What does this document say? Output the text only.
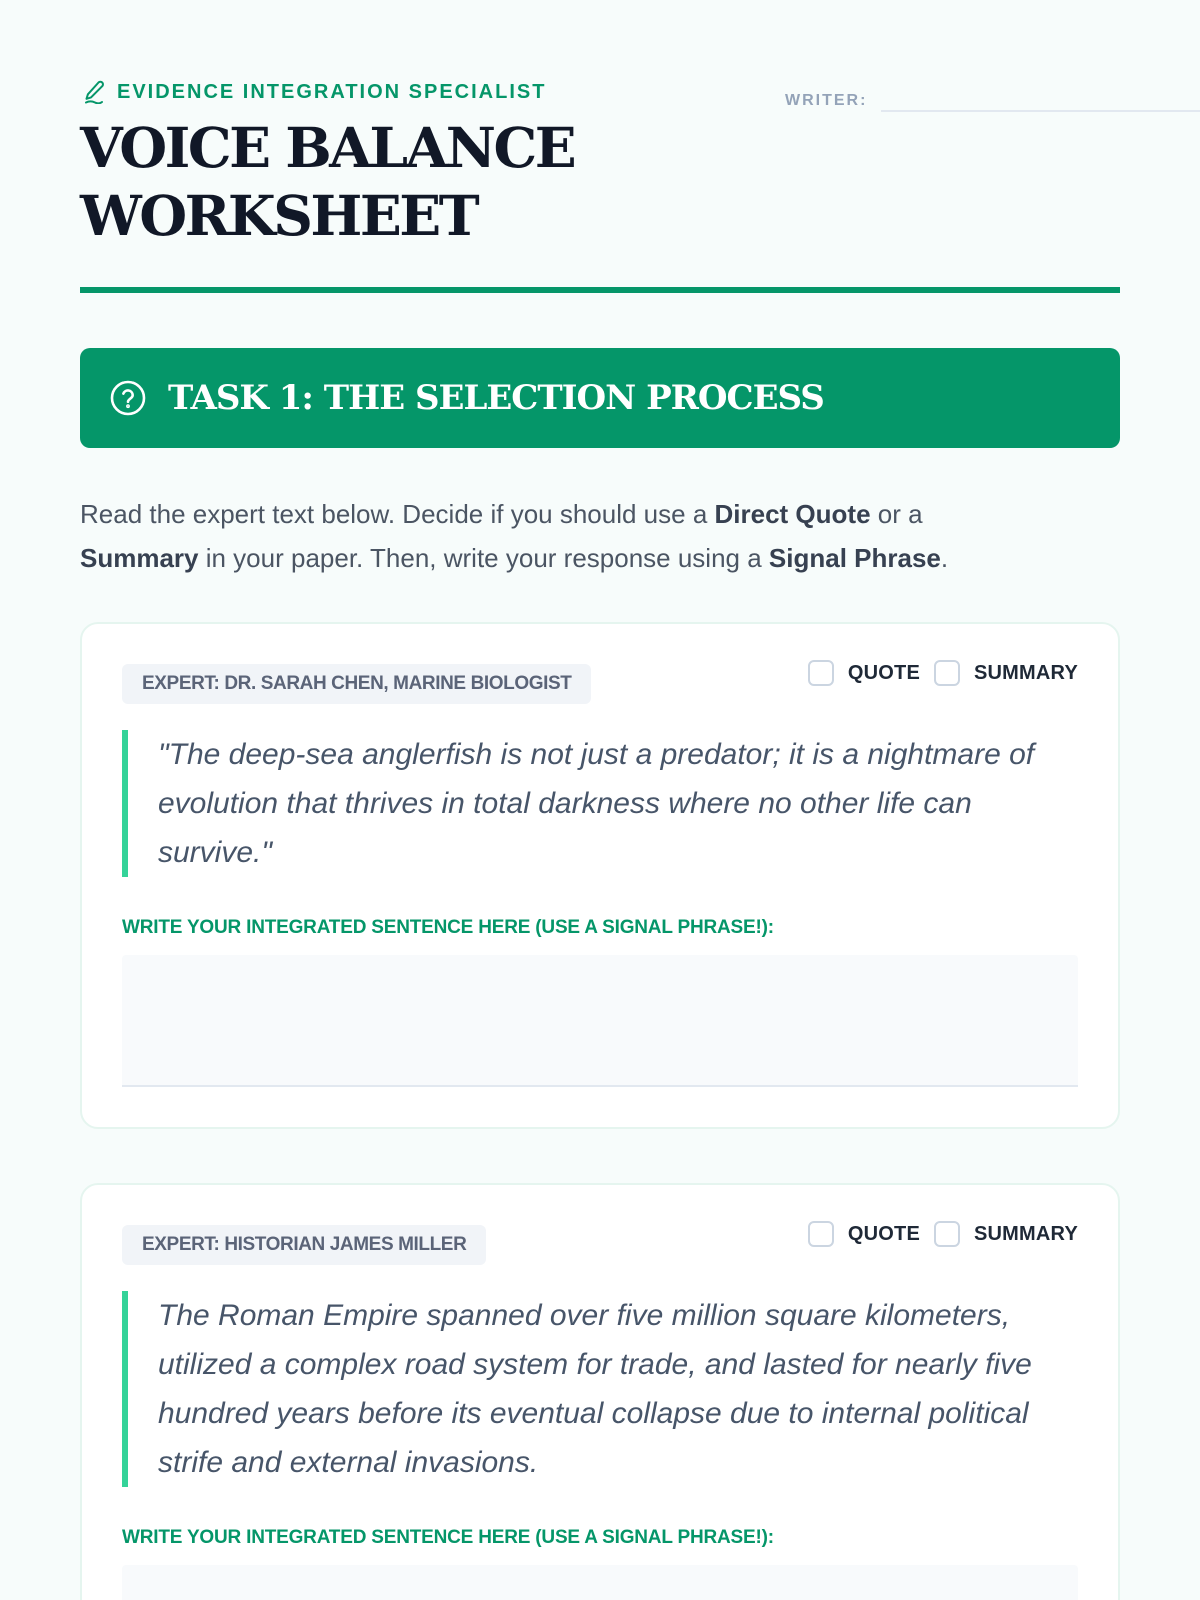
EVIDENCE INTEGRATION SPECIALIST
VOICE BALANCE
WORKSHEET
WRITER:
TASK 1: THE SELECTION PROCESS

Read the expert text below. Decide if you should use a Direct Quote or a
Summary in your paper. Then, write your response using a Signal Phrase.

EXPERT: DR. SARAH CHEN, MARINE BIOLOGIST	QUOTE	SUMMARY
"The deep-sea anglerfish is not just a predator; it is a nightmare of evolution that thrives in total darkness where no other life can survive."
WRITE YOUR INTEGRATED SENTENCE HERE (USE A SIGNAL PHRASE!):
EXPERT: HISTORIAN JAMES MILLER	QUOTE	SUMMARY
The Roman Empire spanned over five million square kilometers, utilized a complex road system for trade, and lasted for nearly five hundred years before its eventual collapse due to internal political strife and external invasions.
WRITE YOUR INTEGRATED SENTENCE HERE (USE A SIGNAL PHRASE!):
